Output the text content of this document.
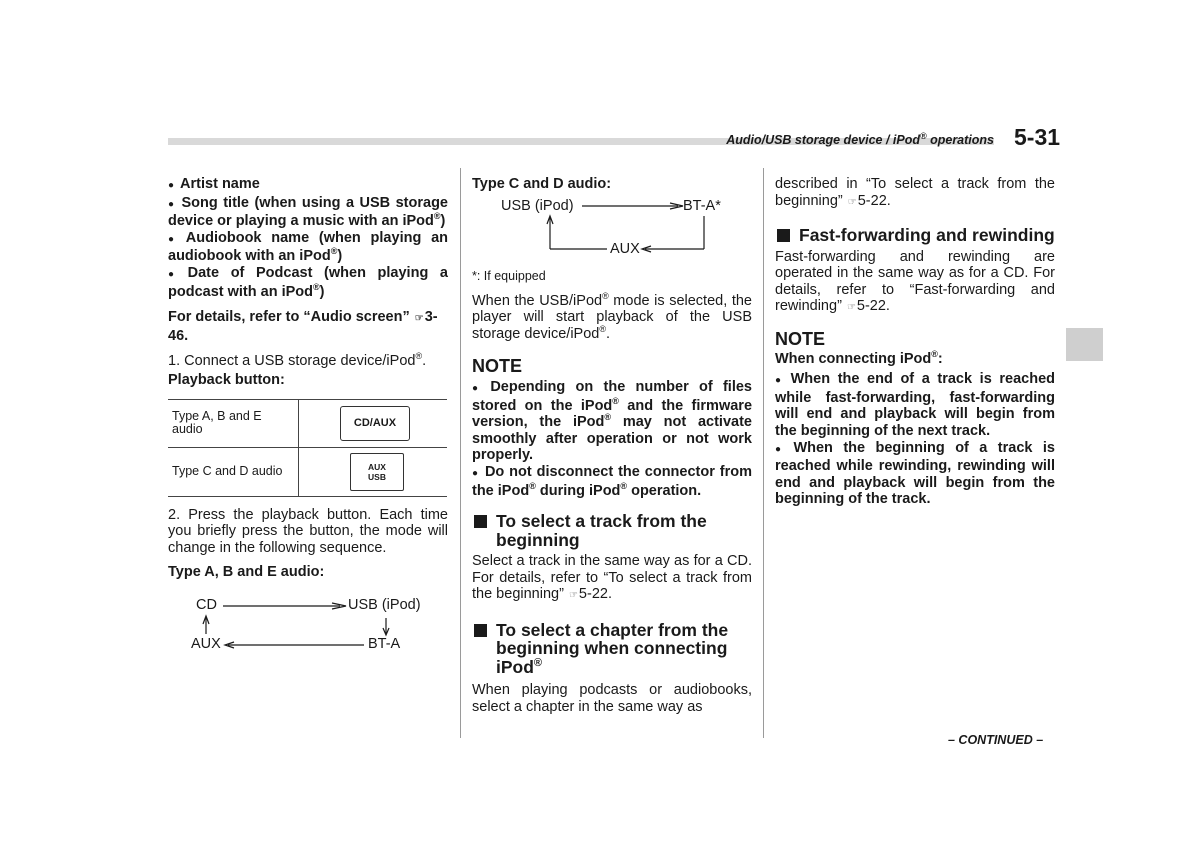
Audio/USB storage device / iPod® operations 5-31

● Artist name

● Song title (when using a USB storage device or playing a music with an iPod®)

● Audiobook name (when playing an audiobook with an iPod®)

● Date of Podcast (when playing a podcast with an iPod®)

For details, refer to “Audio screen” ☞3-46.

1. Connect a USB storage device/iPod®.

Playback button:

Type A, B and E audio	CD/AUX

Type C and D audio	AUX
USB

2. Press the playback button. Each time you briefly press the button, the mode will change in the following sequence.

Type A, B and E audio:

CD	USB (iPod)
AUX	BT-A

Type C and D audio:

USB (iPod)	BT-A*
AUX

*: If equipped

When the USB/iPod® mode is selected, the player will start playback of the USB storage device/iPod®.

NOTE

● Depending on the number of files stored on the iPod® and the firmware version, the iPod® may not activate smoothly after operation or not work properly.

● Do not disconnect the connector from the iPod® during iPod® operation.

To select a track from the beginning

Select a track in the same way as for a CD. For details, refer to “To select a track from the beginning” ☞5-22.

To select a chapter from the beginning when connecting iPod®

When playing podcasts or audiobooks, select a chapter in the same way as

described in “To select a track from the beginning” ☞5-22.

Fast-forwarding and rewinding

Fast-forwarding and rewinding are operated in the same way as for a CD. For details, refer to “Fast-forwarding and rewinding” ☞5-22.

NOTE

When connecting iPod®:

● When the end of a track is reached while fast-forwarding, fast-forwarding will end and playback will begin from the beginning of the next track.

● When the beginning of a track is reached while rewinding, rewinding will end and playback will begin from the beginning of the track.

– CONTINUED –
